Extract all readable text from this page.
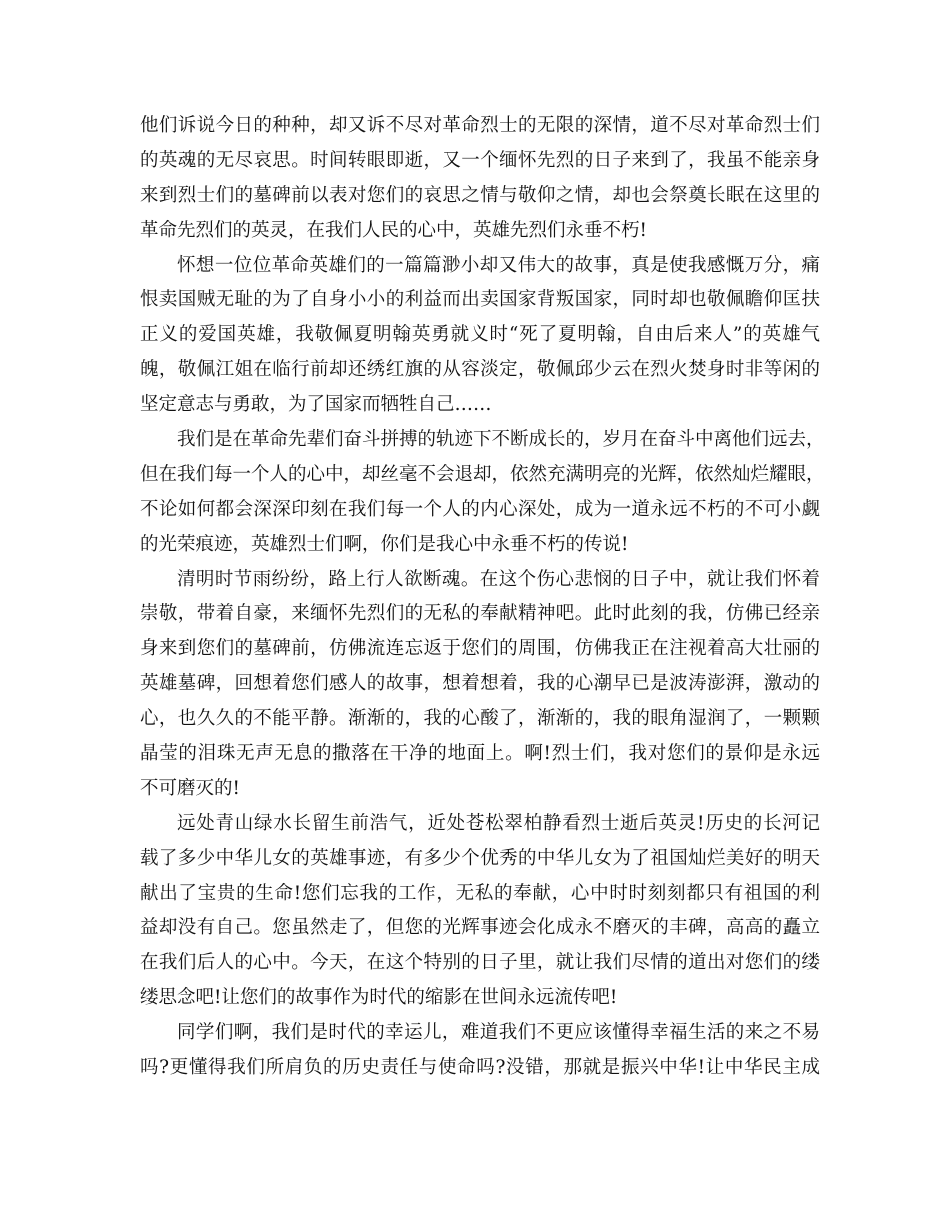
他们诉说今日的种种，却又诉不尽对革命烈士的无限的深情，道不尽对革命烈士们
的英魂的无尽哀思。时间转眼即逝，又一个缅怀先烈的日子来到了，我虽不能亲身
来到烈士们的墓碑前以表对您们的哀思之情与敬仰之情，却也会祭奠长眠在这里的
革命先烈们的英灵，在我们人民的心中，英雄先烈们永垂不朽!
怀想一位位革命英雄们的一篇篇渺小却又伟大的故事，真是使我感慨万分，痛
恨卖国贼无耻的为了自身小小的利益而出卖国家背叛国家，同时却也敬佩瞻仰匡扶
正义的爱国英雄，我敬佩夏明翰英勇就义时“死了夏明翰，自由后来人”的英雄气
魄，敬佩江姐在临行前却还绣红旗的从容淡定，敬佩邱少云在烈火焚身时非等闲的
坚定意志与勇敢，为了国家而牺牲自己……
我们是在革命先辈们奋斗拼搏的轨迹下不断成长的，岁月在奋斗中离他们远去，
但在我们每一个人的心中，却丝毫不会退却，依然充满明亮的光辉，依然灿烂耀眼，
不论如何都会深深印刻在我们每一个人的内心深处，成为一道永远不朽的不可小觑
的光荣痕迹，英雄烈士们啊，你们是我心中永垂不朽的传说!
清明时节雨纷纷，路上行人欲断魂。在这个伤心悲悯的日子中，就让我们怀着
崇敬，带着自豪，来缅怀先烈们的无私的奉献精神吧。此时此刻的我，仿佛已经亲
身来到您们的墓碑前，仿佛流连忘返于您们的周围，仿佛我正在注视着高大壮丽的
英雄墓碑，回想着您们感人的故事，想着想着，我的心潮早已是波涛澎湃，激动的
心，也久久的不能平静。渐渐的，我的心酸了，渐渐的，我的眼角湿润了，一颗颗
晶莹的泪珠无声无息的撒落在干净的地面上。啊!烈士们，我对您们的景仰是永远
不可磨灭的!
远处青山绿水长留生前浩气，近处苍松翠柏静看烈士逝后英灵!历史的长河记
载了多少中华儿女的英雄事迹，有多少个优秀的中华儿女为了祖国灿烂美好的明天
献出了宝贵的生命!您们忘我的工作，无私的奉献，心中时时刻刻都只有祖国的利
益却没有自己。您虽然走了，但您的光辉事迹会化成永不磨灭的丰碑，高高的矗立
在我们后人的心中。今天，在这个特别的日子里，就让我们尽情的道出对您们的缕
缕思念吧!让您们的故事作为时代的缩影在世间永远流传吧!
同学们啊，我们是时代的幸运儿，难道我们不更应该懂得幸福生活的来之不易
吗?更懂得我们所肩负的历史责任与使命吗?没错，那就是振兴中华!让中华民主成
